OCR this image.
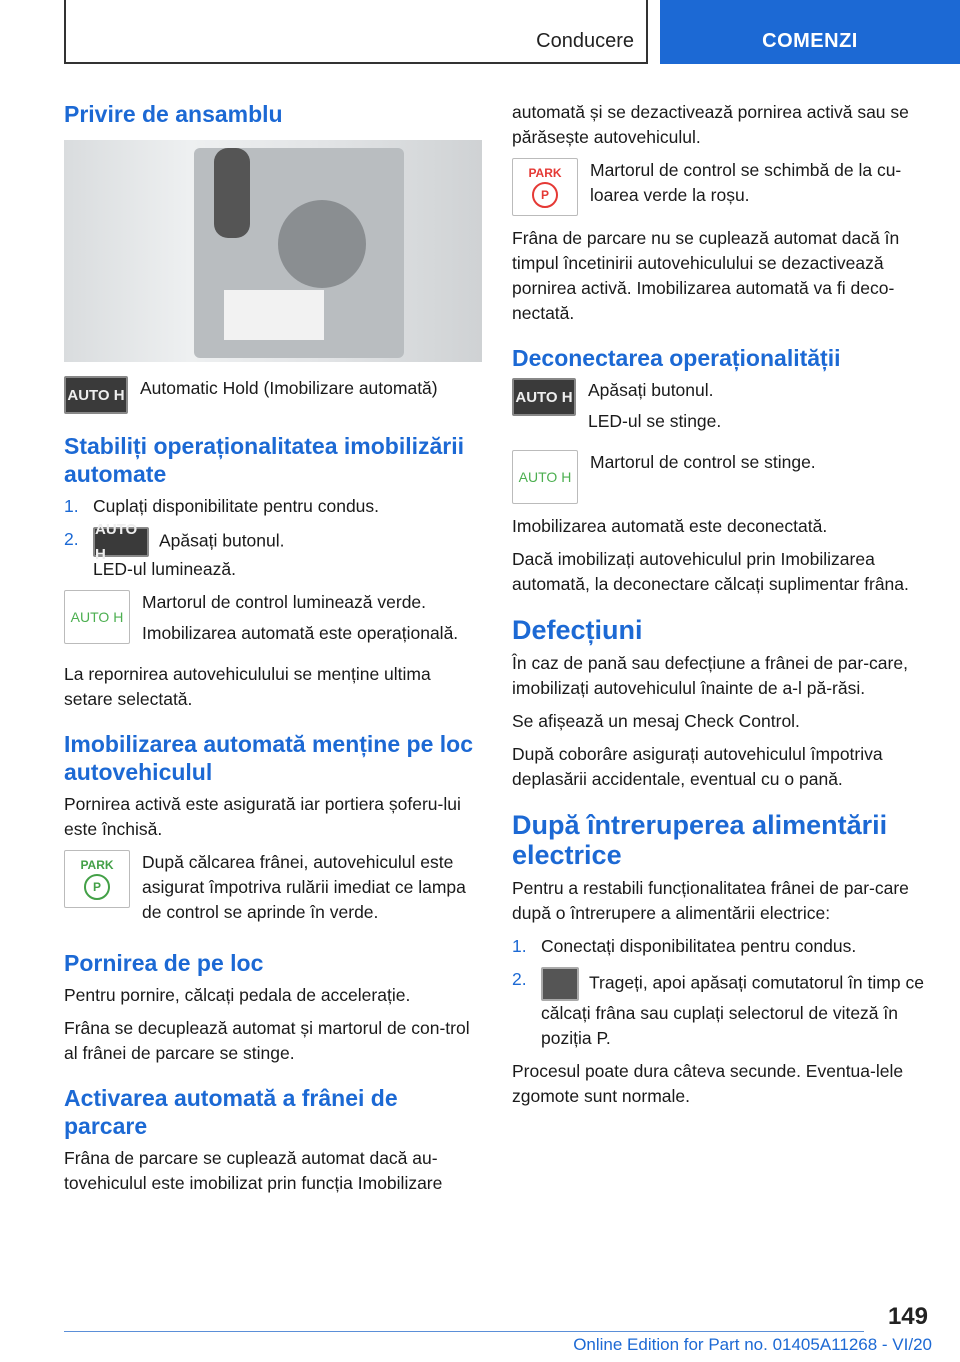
Conducere	COMENZI
Privire de ansamblu
AUTO H Automatic Hold (Imobilizare automată)

Stabiliți operaționalitatea imobilizării automate
1. Cuplați disponibilitate pentru condus.
2. AUTO HApăsați butonul.
LED-ul luminează.
AUTO H

Martorul de control luminează verde.

Imobilizarea automată este operațională.

La repornirea autovehiculului se menține ultima setare selectată.

Imobilizarea automată menține pe loc autovehiculul

Pornirea activă este asigurată iar portiera șoferu-lui este închisă.

PARK
P

După călcarea frânei, autovehiculul este asigurat împotriva rulării imediat ce lampa de control se aprinde în verde.

Pornirea de pe loc

Pentru pornire, călcați pedala de accelerație.

Frâna se decuplează automat și martorul de con-trol al frânei de parcare se stinge.

Activarea automată a frânei de parcare

Frâna de parcare se cuplează automat dacă au-tovehiculul este imobilizat prin funcția Imobilizare

automată și se dezactivează pornirea activă sau se părăsește autovehiculul.

PARK
P

Martorul de control se schimbă de la cu-loarea verde la roșu.

Frâna de parcare nu se cuplează automat dacă în timpul încetinirii autovehiculului se dezactivează pornirea activă. Imobilizarea automată va fi deco-nectată.

Deconectarea operaționalității
AUTO H Apăsați butonul.

LED-ul se stinge.

AUTO H

Martorul de control se stinge.

Imobilizarea automată este deconectată.

Dacă imobilizați autovehiculul prin Imobilizarea automată, la deconectare călcați suplimentar frâna.

Defecțiuni

În caz de pană sau defecțiune a frânei de par-care, imobilizați autovehiculul înainte de a-l pă-răsi.

Se afișează un mesaj Check Control.

După coborâre asigurați autovehiculul împotriva deplasării accidentale, eventual cu o pană.

După întreruperea alimentării electrice

Pentru a restabili funcționalitatea frânei de par-care după o întrerupere a alimentării electrice:

1. Conectați disponibilitatea pentru condus.
2.	Trageți, apoi apăsați comutatorul în timp ce călcați frâna sau cuplați selectorul de viteză în poziția P.

Procesul poate dura câteva secunde. Eventua-lele zgomote sunt normale.

149
Online Edition for Part no. 01405A11268 - VI/20
